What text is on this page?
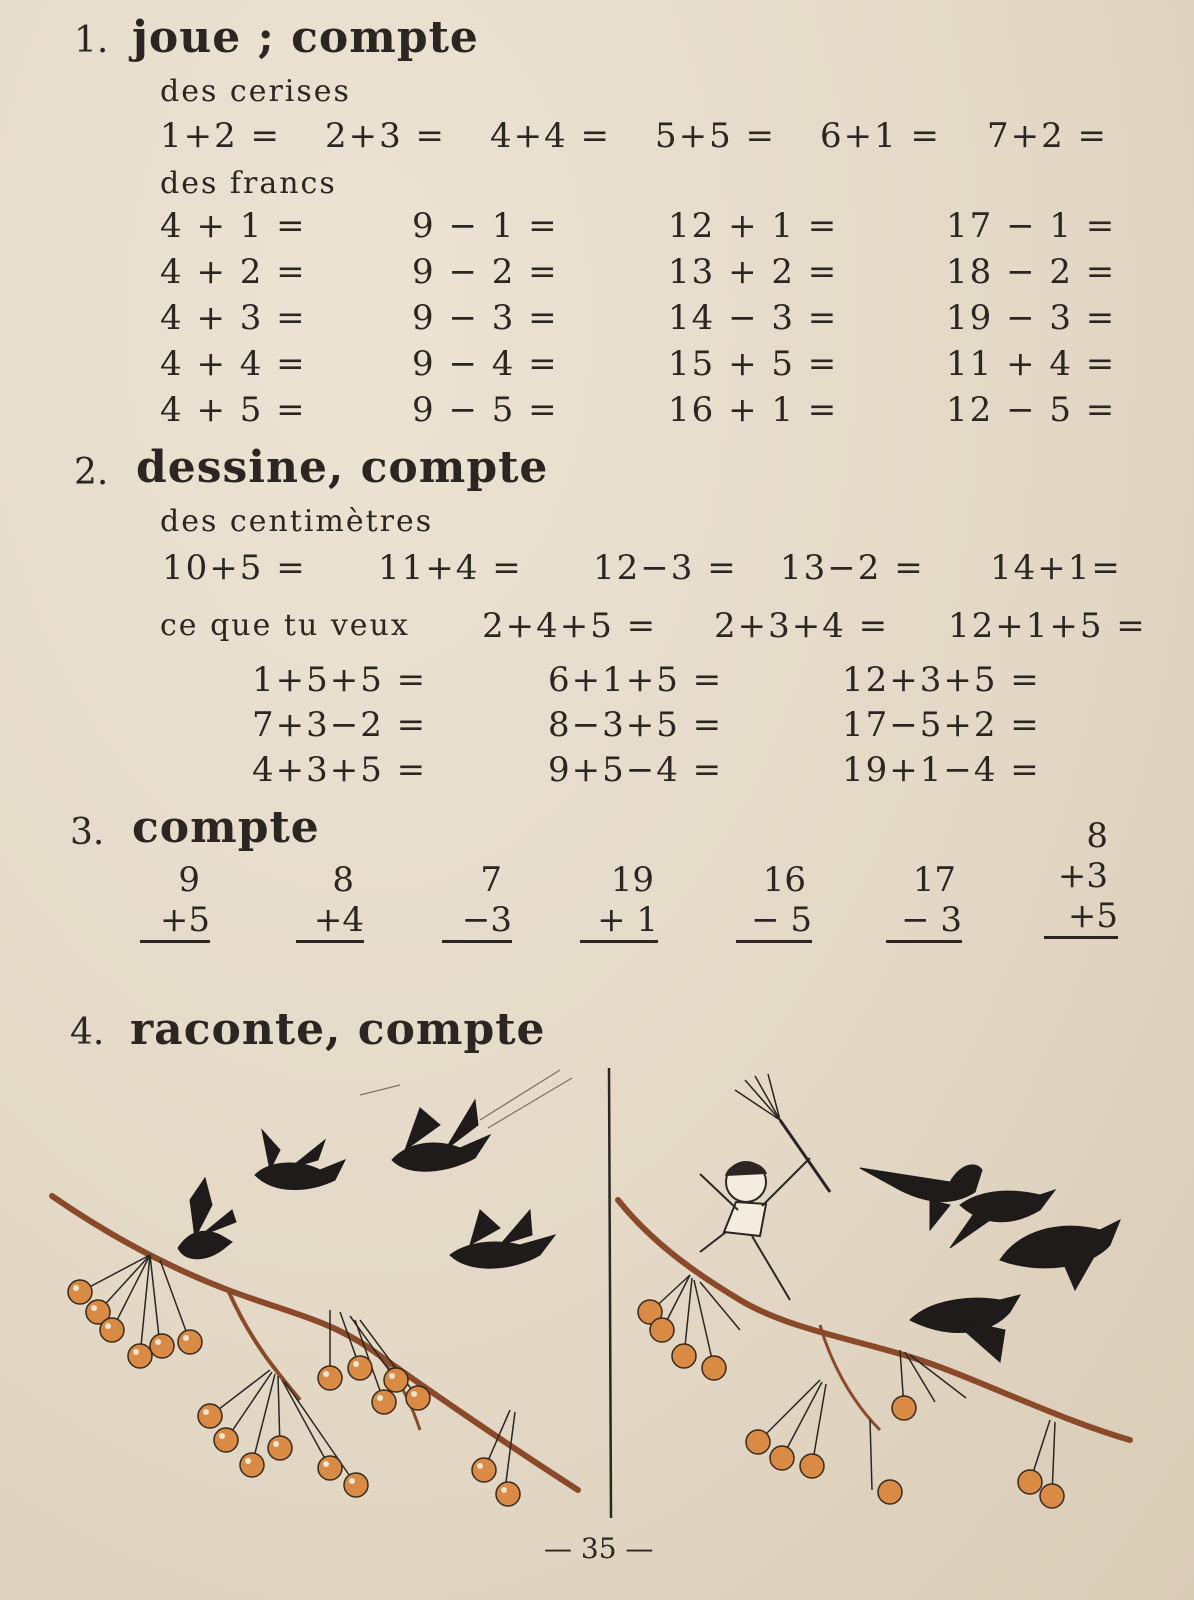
1. joue ; compte
des cerises
1+2 = 2+3 = 4+4 = 5+5 = 6+1 = 7+2 =
des francs
4 + 1 =
4 + 2 =
4 + 3 =
4 + 4 =
4 + 5 =
9 − 1 =
9 − 2 =
9 − 3 =
9 − 4 =
9 − 5 =
12 + 1 =
13 + 2 =
14 − 3 =
15 + 5 =
16 + 1 =
17 − 1 =
18 − 2 =
19 − 3 =
11 + 4 =
12 − 5 =
2. dessine, compte
des centimètres
10+5 = 11+4 = 12−3 = 13−2 = 14+1=
ce que tu veux 2+4+5 = 2+3+4 = 12+1+5 =
1+5+5 =
7+3−2 =
4+3+5 =
6+1+5 =
8−3+5 =
9+5−4 =
12+3+5 =
17−5+2 =
19+1−4 =
3. compte
9
+5
8
+4
7
−3
19
+ 1
16
− 5
17
− 3
8
+3
+5
4. raconte, compte
— 35 —
